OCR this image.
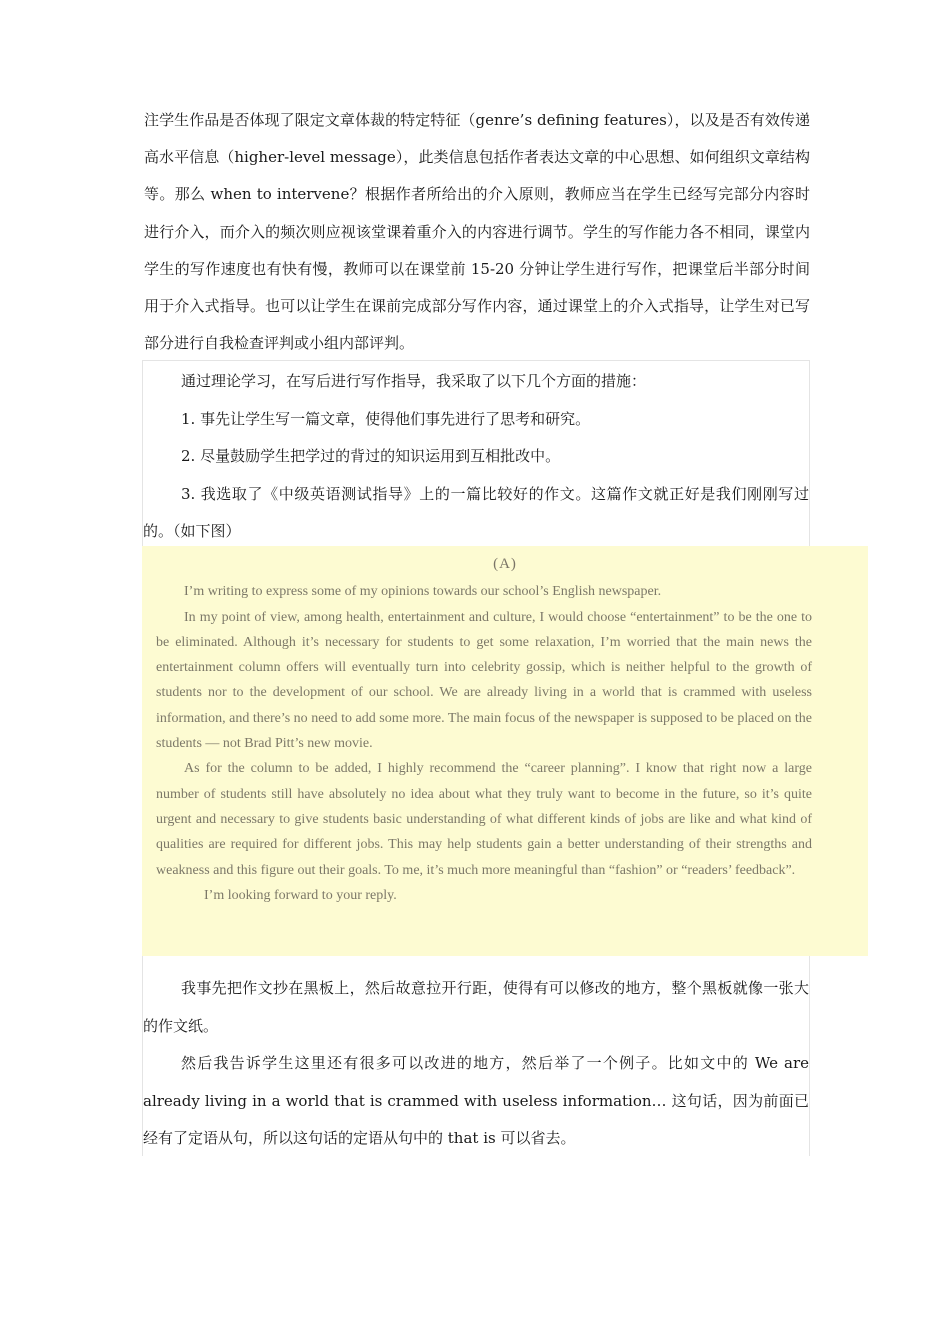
注学生作品是否体现了限定文章体裁的特定特征（genre’s defining features），以及是否有效传递高水平信息（higher-level message），此类信息包括作者表达文章的中心思想、如何组织文章结构等。那么 when to intervene？根据作者所给出的介入原则，教师应当在学生已经写完部分内容时进行介入，而介入的频次则应视该堂课着重介入的内容进行调节。学生的写作能力各不相同，课堂内学生的写作速度也有快有慢，教师可以在课堂前 15-20 分钟让学生进行写作，把课堂后半部分时间用于介入式指导。也可以让学生在课前完成部分写作内容，通过课堂上的介入式指导，让学生对已写部分进行自我检查评判或小组内部评判。

通过理论学习，在写后进行写作指导，我采取了以下几个方面的措施：

1. 事先让学生写一篇文章，使得他们事先进行了思考和研究。

2. 尽量鼓励学生把学过的背过的知识运用到互相批改中。

3. 我选取了《中级英语测试指导》上的一篇比较好的作文。这篇作文就正好是我们刚刚写过的。（如下图）

(A)

I’m writing to express some of my opinions towards our school’s English newspaper.

In my point of view, among health, entertainment and culture, I would choose “entertainment” to be the one to be eliminated. Although it’s necessary for students to get some relaxation, I’m worried that the main news the entertainment column offers will eventually turn into celebrity gossip, which is neither helpful to the growth of students nor to the development of our school. We are already living in a world that is crammed with useless information, and there’s no need to add some more. The main focus of the newspaper is supposed to be placed on the students — not Brad Pitt’s new movie.

As for the column to be added, I highly recommend the “career planning”. I know that right now a large number of students still have absolutely no idea about what they truly want to become in the future, so it’s quite urgent and necessary to give students basic understanding of what different kinds of jobs are like and what kind of qualities are required for different jobs. This may help students gain a better understanding of their strengths and weakness and this figure out their goals. To me, it’s much more meaningful than “fashion” or “readers’ feedback”.

I’m looking forward to your reply.

我事先把作文抄在黑板上，然后故意拉开行距，使得有可以修改的地方，整个黑板就像一张大的作文纸。

然后我告诉学生这里还有很多可以改进的地方，然后举了一个例子。比如文中的 We are already living in a world that is crammed with useless information… 这句话，因为前面已经有了定语从句，所以这句话的定语从句中的 that is 可以省去。
